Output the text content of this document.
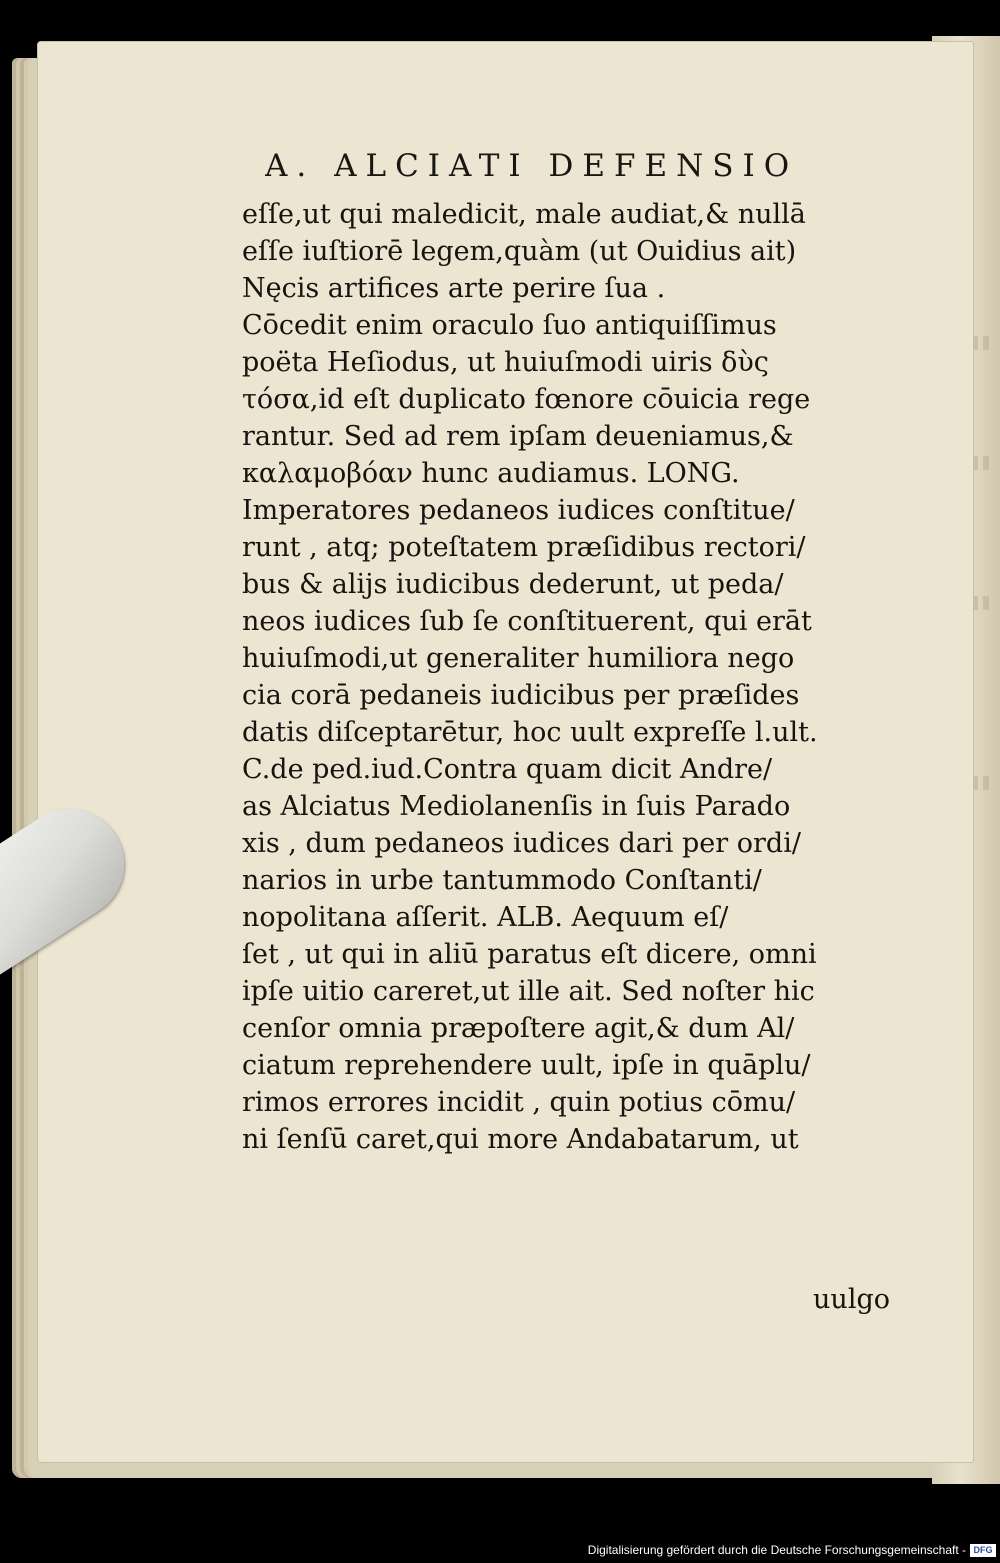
A. ALCIATI DEFENSIO
eſſe,ut qui maledicit, male audiat,& nullā
eſſe iuſtiorē legem,quàm (ut Ouidius ait)
Nęcis artifices arte perire ſua .
Cōcedit enim oraculo ſuo antiquiſſimus
poëta Heſiodus, ut huiuſmodi uiris δὺς
τόσα,id eſt duplicato fœnore cōuicia rege
rantur. Sed ad rem ipſam deueniamus,&
καλαμοβόαν hunc audiamus. LONG.
Imperatores pedaneos iudices conſtitue/
runt , atq; poteſtatem præſidibus rectori/
bus & alijs iudicibus dederunt, ut peda/
neos iudices ſub ſe conſtituerent, qui erāt
huiuſmodi,ut generaliter humiliora nego
cia corā pedaneis iudicibus per præſides
datis diſceptarētur, hoc uult expreſſe l.ult.
C.de ped.iud.Contra quam dicit Andre/
as Alciatus Mediolanenſis in ſuis Parado
xis , dum pedaneos iudices dari per ordi/
narios in urbe tantummodo Conſtanti/
nopolitana aſſerit. ALB. Aequum eſ/
ſet , ut qui in aliū paratus eſt dicere, omni
ipſe uitio careret,ut ille ait. Sed noſter hic
cenſor omnia præpoſtere agit,& dum Al/
ciatum reprehendere uult, ipſe in quāplu/
rimos errores incidit , quin potius cōmu/
ni ſenſū caret,qui more Andabatarum, ut
uulgo
Digitalisierung gefördert durch die Deutsche Forschungsgemeinschaft - DFG
